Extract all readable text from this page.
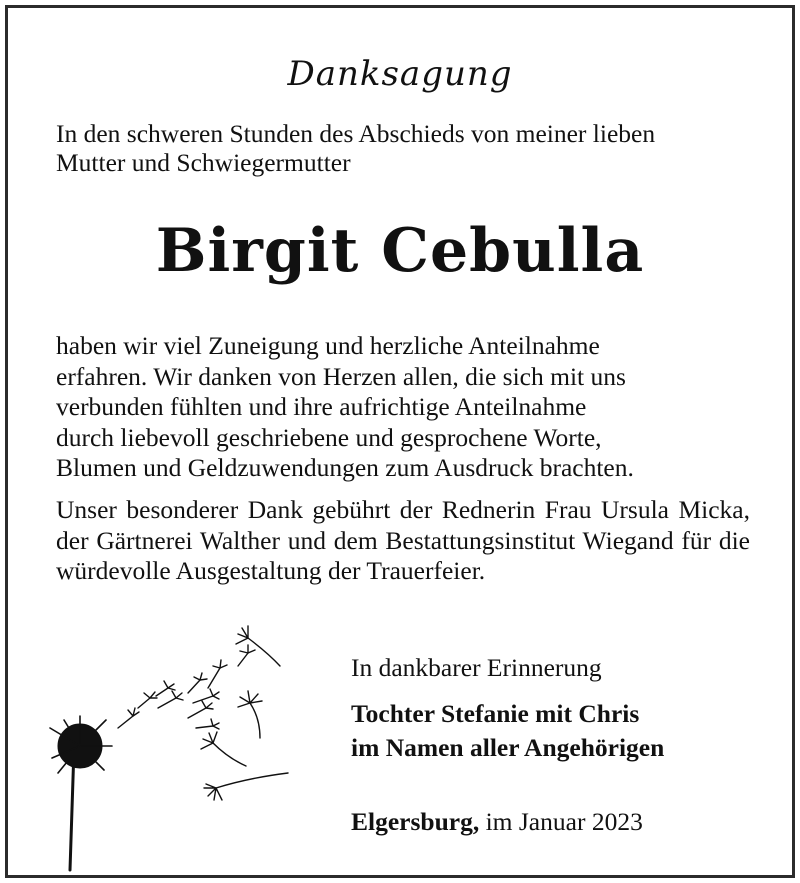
Danksagung
In den schweren Stunden des Abschieds von meiner lieben
Mutter und Schwiegermutter
Birgit Cebulla
haben wir viel Zuneigung und herzliche Anteilnahme
erfahren. Wir danken von Herzen allen, die sich mit uns
verbunden fühlten und ihre aufrichtige Anteilnahme
durch liebevoll geschriebene und gesprochene Worte,
Blumen und Geldzuwendungen zum Ausdruck brachten.
Unser besonderer Dank gebührt der Rednerin Frau Ursula Micka, der Gärtnerei Walther und dem Bestattungsinstitut Wiegand für die würdevolle Ausgestaltung der Trauerfeier.
In dankbarer Erinnerung
Tochter Stefanie mit Chris
im Namen aller Angehörigen
Elgersburg, im Januar 2023
